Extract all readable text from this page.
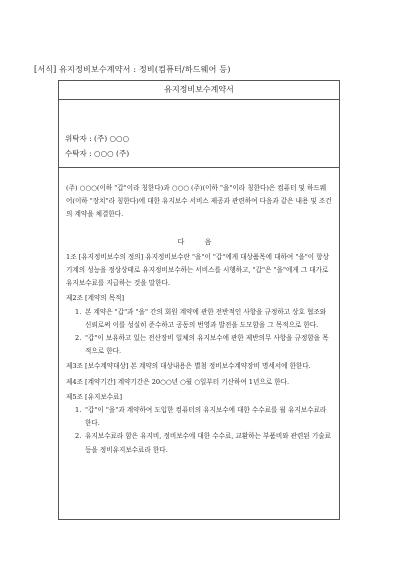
[서식] 유지정비보수계약서 : 정비(컴퓨터/하드웨어 등)
유지정비보수계약서
위탁자 : (주) ○○○
수탁자 : ○○○ (주)
(주) ○○○(이하 "갑"이라 칭한다)과 ○○○ (주)(이하 "을"이라 칭한다)은 컴퓨터 및 하드웨어(이하 "장치"라 칭한다)에 대한 유지보수 서비스 제공과 관련하여 다음과 같은 내용 및 조건의 계약을 체결한다.
다 음
1조 [유지정비보수의 정의] 유지정비보수란 "을"이 "갑"에게 대상품목에 대하여 "을"이 항상 기계의 성능을 정상상태로 유지정비보수하는 서비스를 시행하고, "갑"은 "을"에게 그 대가로 유지보수료를 지급하는 것을 말한다.
제2조 [계약의 목적]
1. 본 계약은 "갑"과 "을" 간의 회원 계약에 관한 전반적인 사항을 규정하고 상호 협조와 신뢰로써 이를 성실히 준수하고 공동의 번영과 발전을 도모함을 그 목적으로 한다.
2. "갑"이 보유하고 있는 전산장비 일체의 유지보수에 관한 제반의무 사항을 규정함을 목적으로 한다.
제3조 [보수계약대상] 본 계약의 대상내용은 별첨 정비보수계약장비 명세서에 한한다.
제4조 [계약기간] 계약기간은 20○○년 ○월 ○일부터 기산하여 1년으로 한다.
제5조 [유지보수료]
1. "갑"이 "을"과 계약하여 도입한 컴퓨터의 유지보수에 대한 수수료를 월 유지보수료라 한다.
2. 유지보수료라 함은 유지비, 정비보수에 대한 수수료, 교환하는 부품비와 관련된 기술료 등을 정비유지보수료라 한다.
